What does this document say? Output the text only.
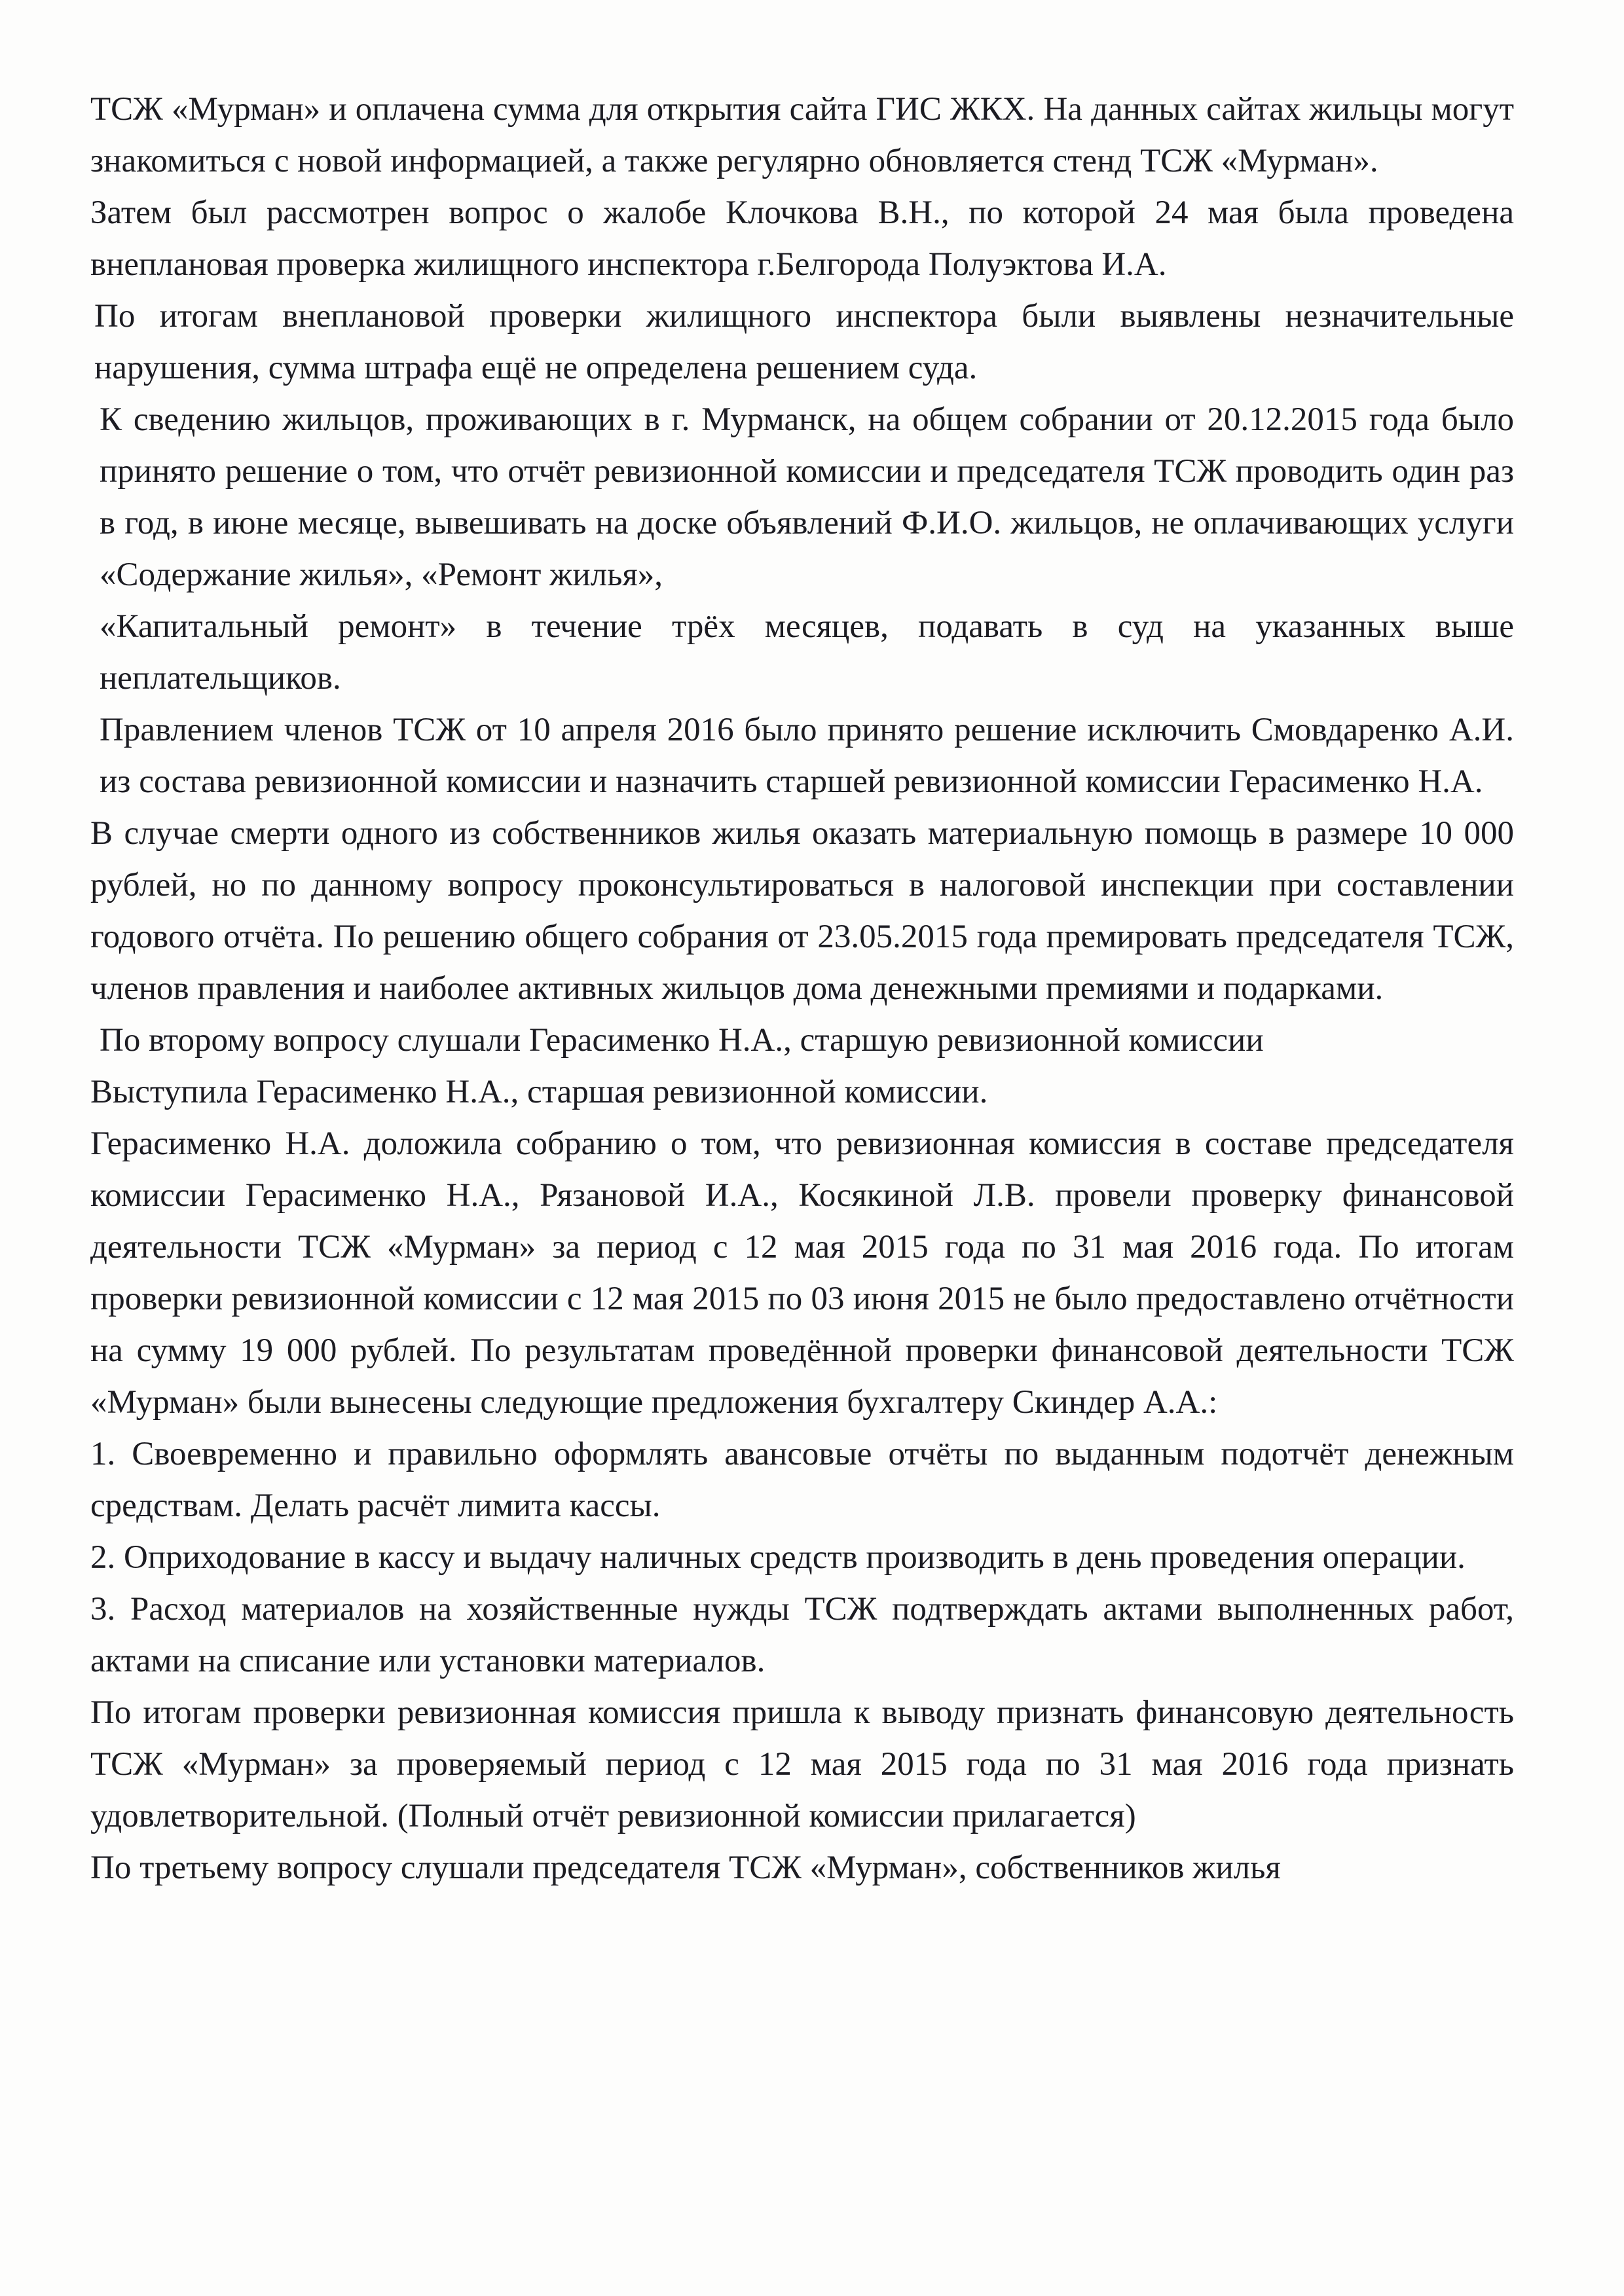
ТСЖ «Мурман» и оплачена сумма для открытия сайта ГИС ЖКХ. На данных сайтах жильцы могут знакомиться с новой информацией, а также регулярно обновляется стенд ТСЖ «Мурман».

Затем был рассмотрен вопрос о жалобе Клочкова В.Н., по которой 24 мая была проведена внеплановая проверка жилищного инспектора г.Белгорода Полуэктова И.А.

По итогам внеплановой проверки жилищного инспектора были выявлены незначительные нарушения, сумма штрафа ещё не определена решением суда.

К сведению жильцов, проживающих в г. Мурманск, на общем собрании от 20.12.2015 года было принято решение о том, что отчёт ревизионной комиссии и председателя ТСЖ проводить один раз в год, в июне месяце, вывешивать на доске объявлений Ф.И.О. жильцов, не оплачивающих услуги «Содержание жилья», «Ремонт жилья»,

«Капитальный ремонт» в течение трёх месяцев, подавать в суд на указанных выше неплательщиков.

Правлением членов ТСЖ от 10 апреля 2016 было принято решение исключить Смовдаренко А.И. из состава ревизионной комиссии и назначить старшей ревизионной комиссии Герасименко Н.А.

В случае смерти одного из собственников жилья оказать материальную помощь в размере 10 000 рублей, но по данному вопросу проконсультироваться в налоговой инспекции при составлении годового отчёта. По решению общего собрания от 23.05.2015 года премировать председателя ТСЖ, членов правления и наиболее активных жильцов дома денежными премиями и подарками.

По второму вопросу слушали Герасименко Н.А., старшую ревизионной комиссии

Выступила Герасименко Н.А., старшая ревизионной комиссии.

Герасименко Н.А. доложила собранию о том, что ревизионная комиссия в составе председателя комиссии Герасименко Н.А., Рязановой И.А., Косякиной Л.В. провели проверку финансовой деятельности ТСЖ «Мурман» за период с 12 мая 2015 года по 31 мая 2016 года. По итогам проверки ревизионной комиссии с 12 мая 2015 по 03 июня 2015 не было предоставлено отчётности на сумму 19 000 рублей. По результатам проведённой проверки финансовой деятельности ТСЖ «Мурман» были вынесены следующие предложения бухгалтеру Скиндер А.А.:

1. Своевременно и правильно оформлять авансовые отчёты по выданным подотчёт денежным средствам. Делать расчёт лимита кассы.

2. Оприходование в кассу и выдачу наличных средств производить в день проведения операции.

3. Расход материалов на хозяйственные нужды ТСЖ подтверждать актами выполненных работ, актами на списание или установки материалов.

По итогам проверки ревизионная комиссия пришла к выводу признать финансовую деятельность ТСЖ «Мурман» за проверяемый период с 12 мая 2015 года по 31 мая 2016 года признать удовлетворительной. (Полный отчёт ревизионной комиссии прилагается)

По третьему вопросу слушали председателя ТСЖ «Мурман», собственников жилья
